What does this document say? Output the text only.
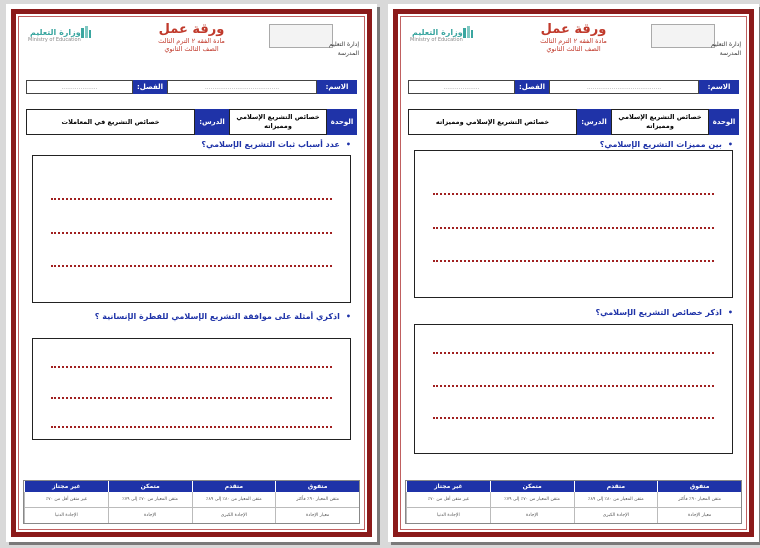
إدارة التعليم
المدرسة
ورقة عمل
مادة الفقه ٢ الترم الثالث
الصف الثالث الثانوي
وزارة التعليم
Ministry of Education
الاسم:
.......................................
الفصل:
...................
الوحدة
خصائص التشريع الإسلامي ومميزاته
الدرس:
خصائص التشريع في المعاملات
•عدد أسباب ثبات التشريع الإسلامي؟
•اذكري أمثلة على موافقة التشريع الإسلامي للفطرة الإنسانية ؟
متفوق
متقدم
متمكن
غير مجتاز
متقن المعيار ٩٠٪ فأكثر
متقن المعيار من ٨٠٪ إلى ٨٩٪
متقن المعيار من ٧٠٪ إلى ٧٩٪
غير متقن أقل من ٧٠٪
معيار الإجادة
الإجادة الكبرى
الإجادة
الإجادة الدنيا
إدارة التعليم
المدرسة
ورقة عمل
مادة الفقه ٢ الترم الثالث
الصف الثالث الثانوي
وزارة التعليم
Ministry of Education
الاسم:
.......................................
الفصل:
...................
الوحدة
خصائص التشريع الإسلامي ومميزاته
الدرس:
خصائص التشريع الإسلامي ومميزاته
•بين مميزات التشريع الإسلامي؟
•اذكر خصائص التشريع الإسلامي؟
متفوق
متقدم
متمكن
غير مجتاز
متقن المعيار ٩٠٪ فأكثر
متقن المعيار من ٨٠٪ إلى ٨٩٪
متقن المعيار من ٧٠٪ إلى ٧٩٪
غير متقن أقل من ٧٠٪
معيار الإجادة
الإجادة الكبرى
الإجادة
الإجادة الدنيا
